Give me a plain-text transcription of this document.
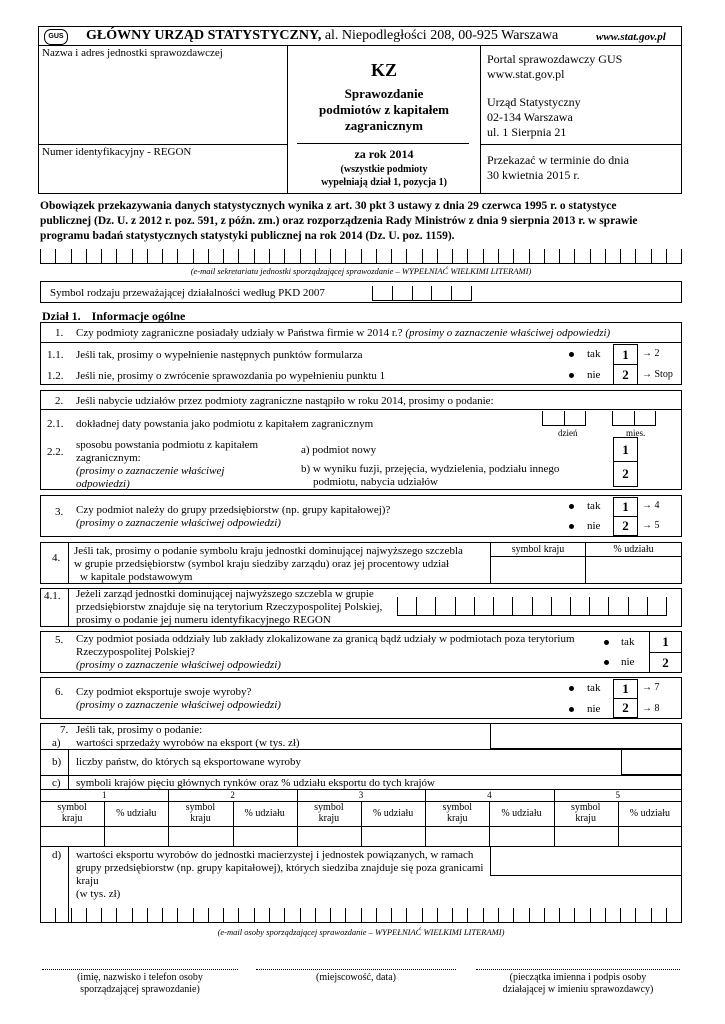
GUS	GŁÓWNY URZĄD STATYSTYCZNY, al. Niepodległości 208, 00-925 Warszawa	www.stat.gov.pl
Nazwa i adres jednostki sprawozdawczej
Numer identyfikacyjny - REGON
KZ
Sprawozdanie
podmiotów z kapitałem
zagranicznym
za rok 2014
(wszystkie podmioty
wypełniają dział 1, pozycja 1)
Portal sprawozdawczy GUS
www.stat.gov.pl
Urząd Statystyczny
02-134 Warszawa
ul. 1 Sierpnia 21
Przekazać w terminie do dnia
30 kwietnia 2015 r.
Obowiązek przekazywania danych statystycznych wynika z art. 30 pkt 3 ustawy z dnia 29 czerwca 1995 r. o statystyce
publicznej (Dz. U. z 2012 r. poz. 591, z późn. zm.) oraz rozporządzenia Rady Ministrów z dnia 9 sierpnia 2013 r. w sprawie
programu badań statystycznych statystyki publicznej na rok 2014 (Dz. U. poz. 1159).
(e-mail sekretariatu jednostki sporządzającej sprawozdanie – WYPEŁNIAĆ WIELKIMI LITERAMI)
Symbol rodzaju przeważającej działalności według PKD 2007
Dział 1. Informacje ogólne
1. Czy podmioty zagraniczne posiadały udziały w Państwa firmie w 2014 r.? (prosimy o zaznaczenie właściwej odpowiedzi)
1.1. Jeśli tak, prosimy o wypełnienie następnych punktów formularza	tak	1	→ 2
1.2. Jeśli nie, prosimy o zwrócenie sprawozdania po wypełnieniu punktu 1	nie	2	→ Stop
2. Jeśli nabycie udziałów przez podmioty zagraniczne nastąpiło w roku 2014, prosimy o podanie:
2.1. dokładnej daty powstania jako podmiotu z kapitałem zagranicznym
dzień	mies.
2.2.
sposobu powstania podmiotu z kapitałem
zagranicznym:
(prosimy o zaznaczenie właściwej
odpowiedzi)
a) podmiot nowy
b) w wyniku fuzji, przejęcia, wydzielenia, podziału innego
podmiotu, nabycia udziałów
1
2
3. Czy podmiot należy do grupy przedsiębiorstw (np. grupy kapitałowej)?
(prosimy o zaznaczenie właściwej odpowiedzi)
tak	1	→ 4
nie	2	→ 5
4.
Jeśli tak, prosimy o podanie symbolu kraju jednostki dominującej najwyższego szczebla
w grupie przedsiębiorstw (symbol kraju siedziby zarządu) oraz jej procentowy udział
w kapitale podstawowym
symbol kraju	% udziału
4.1. Jeżeli zarząd jednostki dominującej najwyższego szczebla w grupie
przedsiębiorstw znajduje się na terytorium Rzeczypospolitej Polskiej,
prosimy o podanie jej numeru identyfikacyjnego REGON
5. Czy podmiot posiada oddziały lub zakłady zlokalizowane za granicą bądź udziały w podmiotach poza terytorium
Rzeczypospolitej Polskiej?
(prosimy o zaznaczenie właściwej odpowiedzi)
tak	1
nie	2
6. Czy podmiot eksportuje swoje wyroby?
(prosimy o zaznaczenie właściwej odpowiedzi)
tak	1	→ 7
nie	2	→ 8
7. Jeśli tak, prosimy o podanie:
a) wartości sprzedaży wyrobów na eksport (w tys. zł)
b) liczby państw, do których są eksportowane wyroby
c) symboli krajów pięciu głównych rynków oraz % udziału eksportu do tych krajów
1
symbol
kraju	% udziału
2
symbol
kraju	% udziału
3
symbol
kraju	% udziału
4
symbol
kraju	% udziału
5
symbol
kraju	% udziału
d) wartości eksportu wyrobów do jednostki macierzystej i jednostek powiązanych, w ramach
grupy przedsiębiorstw (np. grupy kapitałowej), których siedziba znajduje się poza granicami
kraju
(w tys. zł)
(e-mail osoby sporządzającej sprawozdanie – WYPEŁNIAĆ WIELKIMI LITERAMI)
(imię, nazwisko i telefon osoby
sporządzającej sprawozdanie)
(miejscowość, data)	(pieczątka imienna i podpis osoby
działającej w imieniu sprawozdawcy)
